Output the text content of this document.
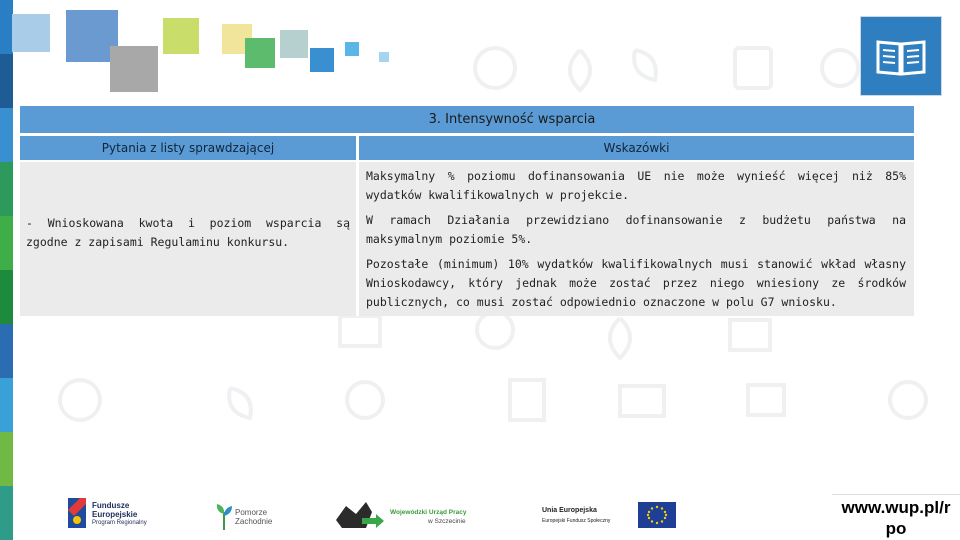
3. Intensywność wsparcia
Pytania z listy sprawdzającej	Wskazówki
- Wnioskowana kwota i poziom wsparcia są zgodne z zapisami Regulaminu konkursu.

Maksymalny % poziomu dofinansowania UE nie może wynieść więcej niż 85% wydatków kwalifikowalnych w projekcie.

W ramach Działania przewidziano dofinansowanie z budżetu państwa na maksymalnym poziomie 5%.

Pozostałe (minimum) 10% wydatków kwalifikowalnych musi stanowić wkład własny Wnioskodawcy, który jednak może zostać przez niego wniesiony ze środków publicznych, co musi zostać odpowiednio oznaczone w polu G7 wniosku.

Fundusze
Europejskie
Program Regionalny
Pomorze
Zachodnie
Wojewódzki Urząd Pracy
w Szczecinie
Unia Europejska
Europejski Fundusz Społeczny
www.wup.pl/r
po
